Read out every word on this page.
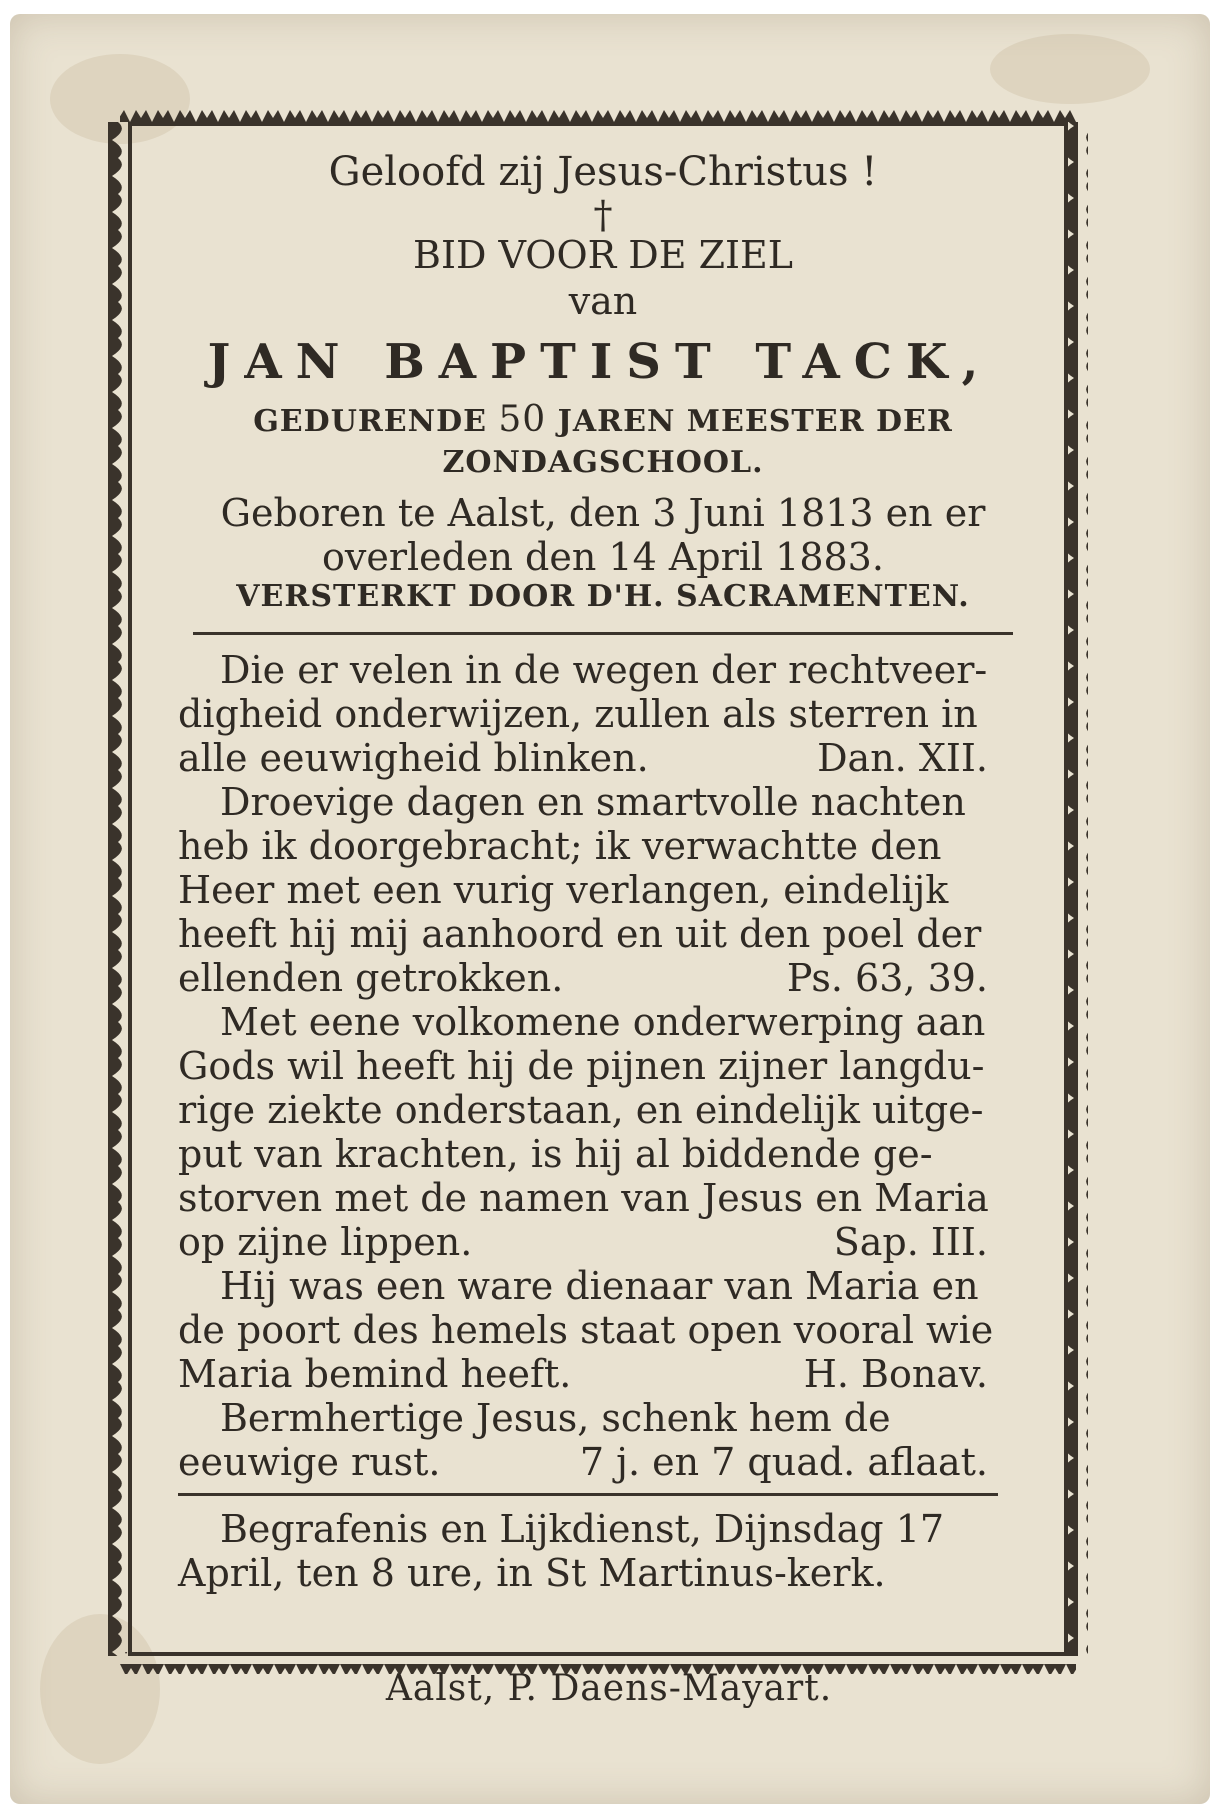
Geloofd zij Jesus-Christus !
†
BID VOOR DE ZIEL
van
JAN BAPTIST TACK,
GEDURENDE 50 JAREN MEESTER DER
ZONDAGSCHOOL.
Geboren te Aalst, den 3 Juni 1813 en er
overleden den 14 April 1883.
VERSTERKT DOOR D'H. SACRAMENTEN.
Die er velen in de wegen der rechtveer-
digheid onderwijzen, zullen als sterren in
alle eeuwigheid blinken.	Dan. XII.
Droevige dagen en smartvolle nachten
heb ik doorgebracht; ik verwachtte den
Heer met een vurig verlangen, eindelijk
heeft hij mij aanhoord en uit den poel der
ellenden getrokken.	Ps. 63, 39.
Met eene volkomene onderwerping aan
Gods wil heeft hij de pijnen zijner langdu-
rige ziekte onderstaan, en eindelijk uitge-
put van krachten, is hij al biddende ge-
storven met de namen van Jesus en Maria
op zijne lippen.	Sap. III.
Hij was een ware dienaar van Maria en
de poort des hemels staat open vooral wie
Maria bemind heeft.	H. Bonav.
Bermhertige Jesus, schenk hem de
eeuwige rust.	7 j. en 7 quad. aflaat.
Begrafenis en Lijkdienst, Dijnsdag 17
April, ten 8 ure, in St Martinus-kerk.
Aalst, P. Daens-Mayart.
